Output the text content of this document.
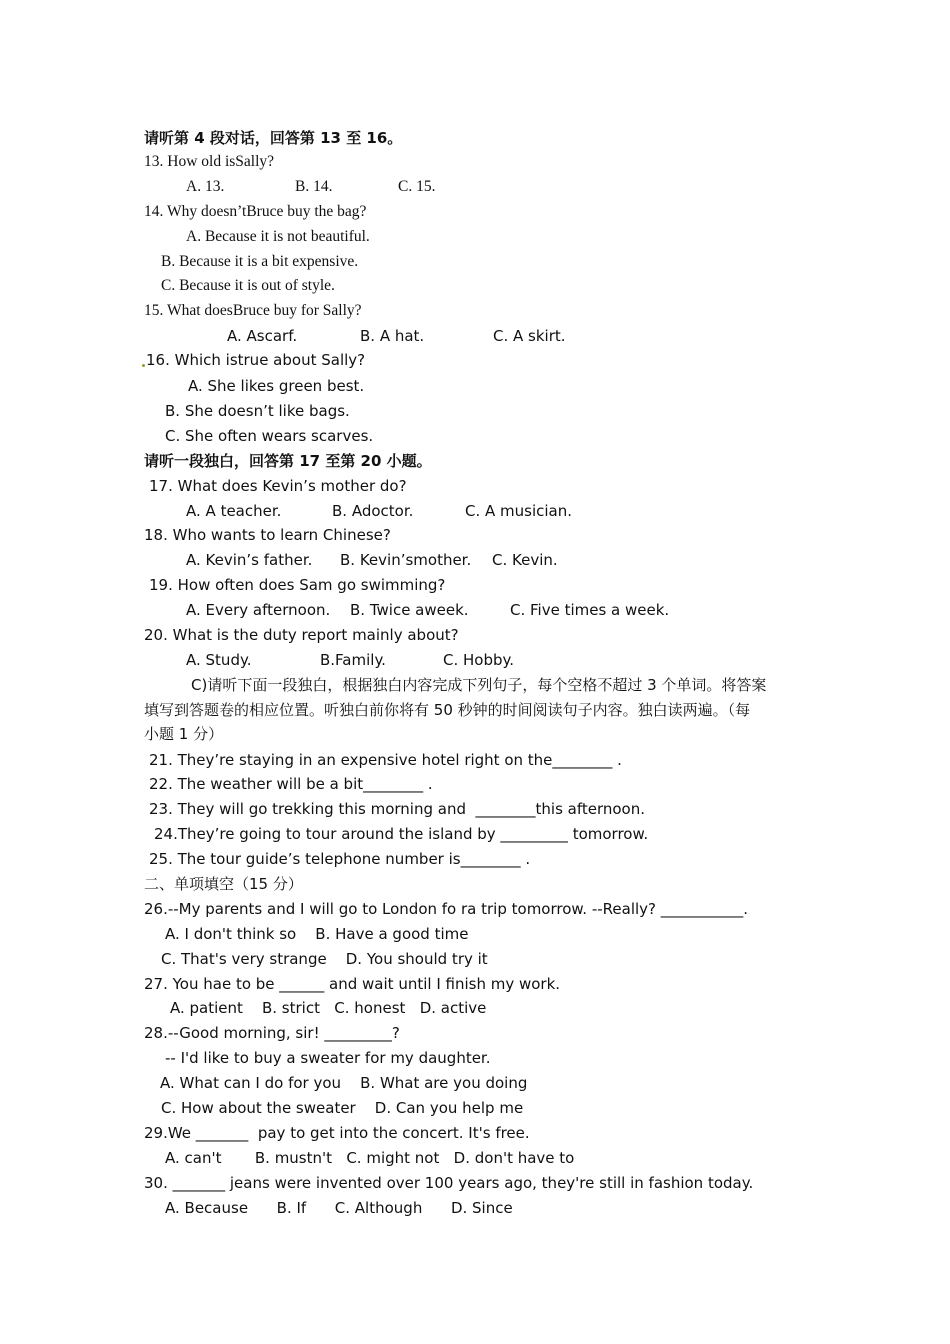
请听第 4 段对话，回答第 13 至 16。
13. How old isSally?
A. 13.	B. 14.	C. 15.
14. Why doesn’tBruce buy the bag?
A. Because it is not beautiful.
B. Because it is a bit expensive.
C. Because it is out of style.
15. What doesBruce buy for Sally?
A. Ascarf.	B. A hat.	C. A skirt.
16. Which istrue about Sally?
A. She likes green best.
B. She doesn’t like bags.
C. She often wears scarves.
请听一段独白，回答第 17 至第 20 小题。
17. What does Kevin’s mother do?
A. A teacher.	B. Adoctor.	C. A musician.
18. Who wants to learn Chinese?
A. Kevin’s father. B. Kevin’smother. C. Kevin.
19. How often does Sam go swimming?
A. Every afternoon. B. Twice aweek.	C. Five times a week.
20. What is the duty report mainly about?
A. Study.	B.Family.	C. Hobby.
C)请听下面一段独白，根据独白内容完成下列句子，每个空格不超过 3 个单词。将答案
填写到答题卷的相应位置。听独白前你将有 50 秒钟的时间阅读句子内容。独白读两遍。（每
小题 1 分）
21. They’re staying in an expensive hotel right on the________ .
22. The weather will be a bit________ .
23. They will go trekking this morning and  ________this afternoon.
24.They’re going to tour around the island by _________ tomorrow.
25. The tour guide’s telephone number is________ .
二、单项填空（15 分）
26.--My parents and I will go to London fo ra trip tomorrow. --Really? ___________.
A. I don't think so    B. Have a good time
C. That's very strange    D. You should try it
27. You hae to be ______ and wait until I finish my work.
A. patient    B. strict   C. honest   D. active
28.--Good morning, sir! _________?
-- I'd like to buy a sweater for my daughter.
A. What can I do for you    B. What are you doing
C. How about the sweater    D. Can you help me
29.We _______  pay to get into the concert. It's free.
A. can't       B. mustn't   C. might not   D. don't have to
30. _______ jeans were invented over 100 years ago, they're still in fashion today.
A. Because      B. If      C. Although      D. Since
